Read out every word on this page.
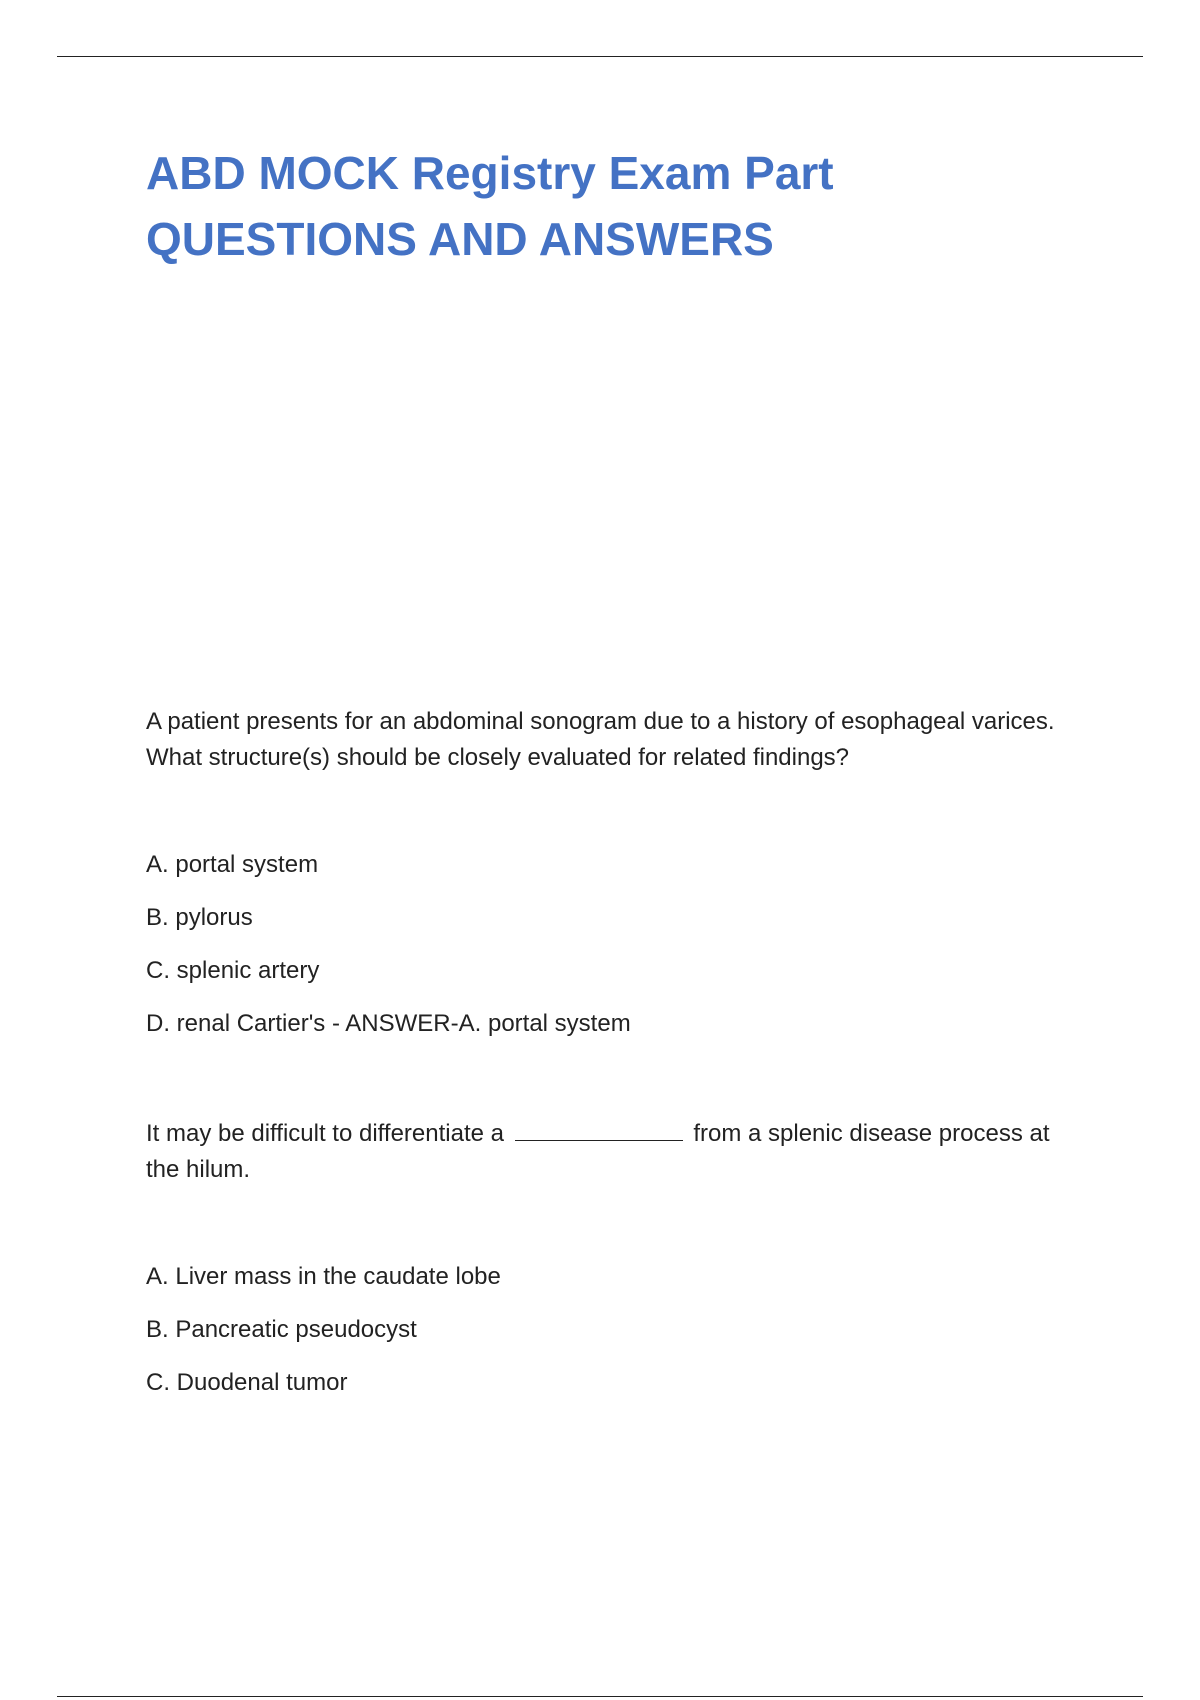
ABD MOCK Registry Exam Part

QUESTIONS AND ANSWERS

A patient presents for an abdominal sonogram due to a history of esophageal varices. What structure(s) should be closely evaluated for related findings?

A. portal system

B. pylorus

C. splenic artery

D. renal Cartier's - ANSWER-A. portal system

It may be difficult to differentiate a	from a splenic disease process at the hilum.

A. Liver mass in the caudate lobe

B. Pancreatic pseudocyst

C. Duodenal tumor
